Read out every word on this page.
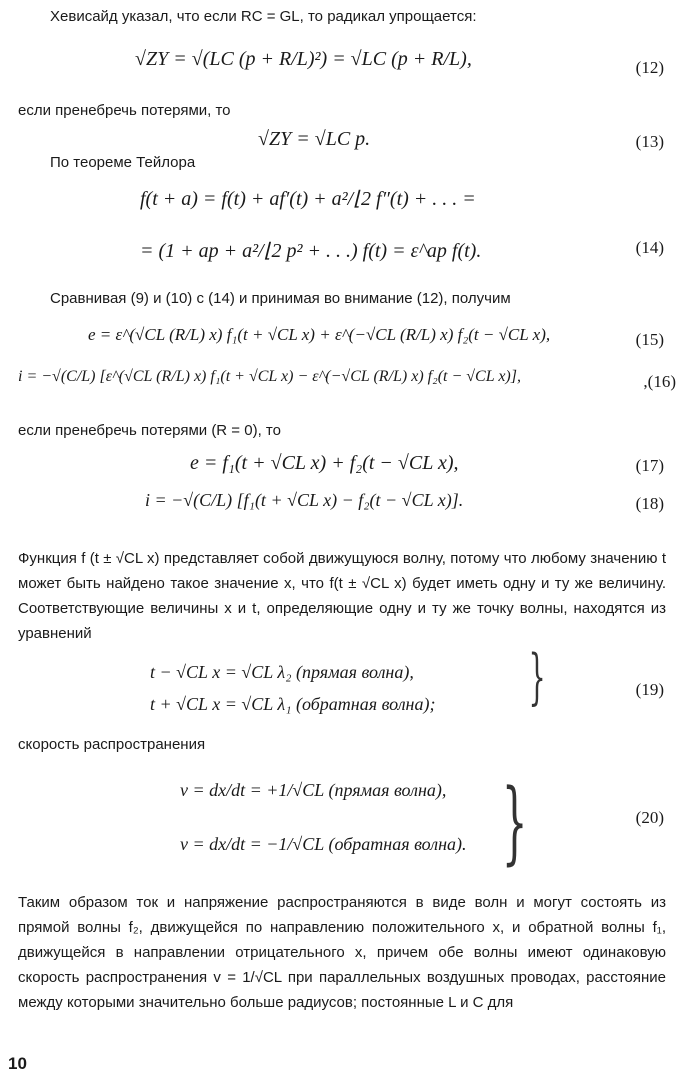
Хевисайд указал, что если RC = GL, то радикал упрощается:
√ZY = √(LC (p + R/L)²) = √LC (p + R/L),	(12)
если пренебречь потерями, то
√ZY = √LC p.	(13)
По теореме Тейлора
f(t + a) = f(t) + af′(t) + a²/⌊2 f″(t) + . . . =
= (1 + ap + a²/⌊2 p² + . . .) f(t) = ε^ap f(t).	(14)
Сравнивая (9) и (10) с (14) и принимая во внимание (12), получим
e = ε^(√CL (R/L) x) f₁(t + √CL x) + ε^(−√CL (R/L) x) f₂(t − √CL x),	(15)
i = −√(C/L) [ε^(√CL (R/L) x) f₁(t + √CL x) − ε^(−√CL (R/L) x) f₂(t − √CL x)],	,(16)
если пренебречь потерями (R = 0), то
e = f₁(t + √CL x) + f₂(t − √CL x),	(17)
i = −√(C/L) [f₁(t + √CL x) − f₂(t − √CL x)].	(18)
Функция f (t ± √CL x) представляет собой движущуюся волну, потому что любому значению t может быть найдено такое значение x, что f(t ± √CL x) будет иметь одну и ту же величину. Соответствующие величины x и t, определяющие одну и ту же точку волны, находятся из уравнений
t − √CL x = √CL λ₂ (прямая волна),
t + √CL x = √CL λ₁ (обратная волна); }	(19)
скорость распространения
v = dx/dt = +1/√CL (прямая волна),
v = dx/dt = −1/√CL (обратная волна). }	(20)
Таким образом ток и напряжение распространяются в виде волн и могут состоять из прямой волны f₂, движущейся по направлению положительного x, и обратной волны f₁, движущейся в направлении отрицательного x, причем обе волны имеют одинаковую скорость распространения v = 1/√CL при параллельных воздушных проводах, расстояние между которыми значительно больше радиусов; постоянные L и C для
10
